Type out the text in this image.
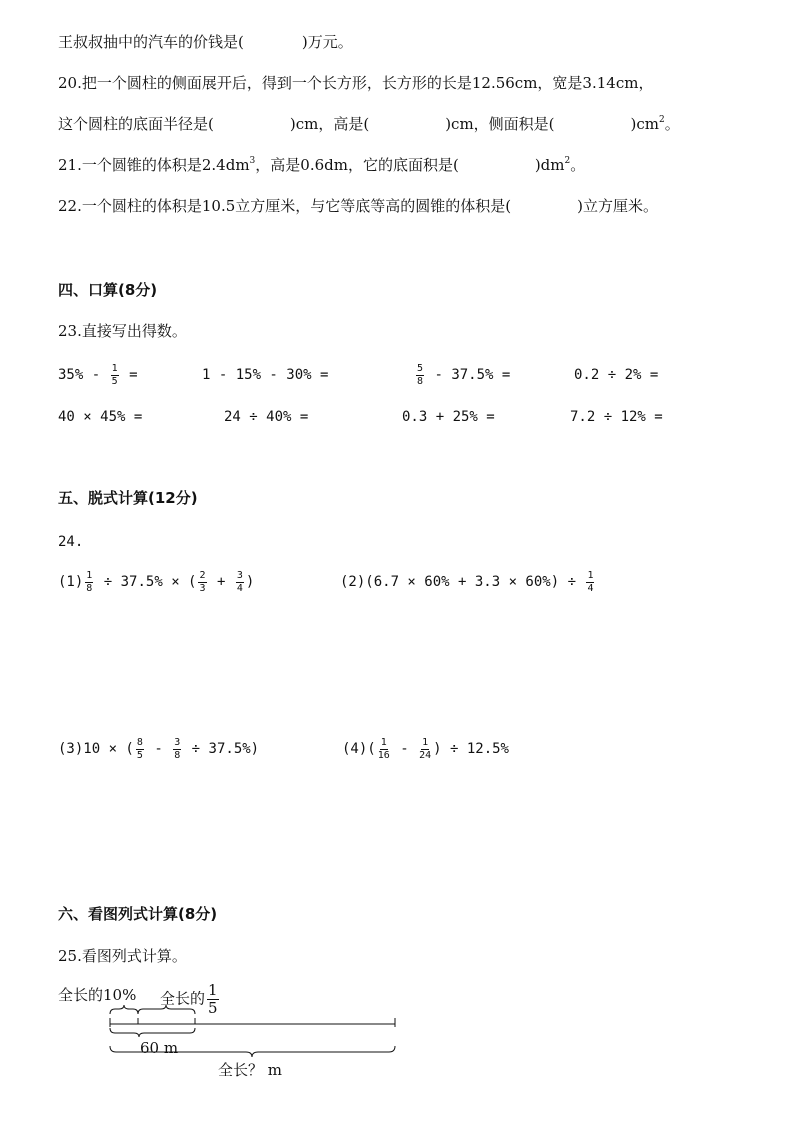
王叔叔抽中的汽车的价钱是(	)万元。
20.把一个圆柱的侧面展开后，得到一个长方形，长方形的长是12.56cm，宽是3.14cm，
这个圆柱的底面半径是(	)cm，高是(	)cm，侧面积是(	)$cm^2$。
21.一个圆锥的体积是$2.4dm^3$，高是0.6dm，它的底面积是(	)$dm^2$。
22.一个圆柱的体积是10.5立方厘米，与它等底等高的圆锥的体积是(	)立方厘米。
四、口算(8分)
23.直接写出得数。
$35\% - \frac{1}{5}$ =	1 - 15% - 30% =	$\frac{5}{8} - 37.5\%$ =	0.2 ÷ 2% =
40 × 45% =	24 ÷ 40% =	0.3 + 25% =	7.2 ÷ 12% =
五、脱式计算(12分)
24.
$(1) \frac{1}{8} \div 37.5\%$ × ( $\frac{2}{3} + \frac{3}{4}$ )	$(2)(6.7 \times 60\% + 3.3 \times 60\%) \div \frac{1}{4}$
(3)10 × ( $\frac{8}{5} - \frac{3}{8} \div 37.5\%$)	$(4)( \frac{1}{16} - \frac{1}{24}$ ) ÷ 12.5%
六、看图列式计算(8分)
25.看图列式计算。
全长的10% 全长的 $\frac{1}{5}$
60 m
全长？ m
